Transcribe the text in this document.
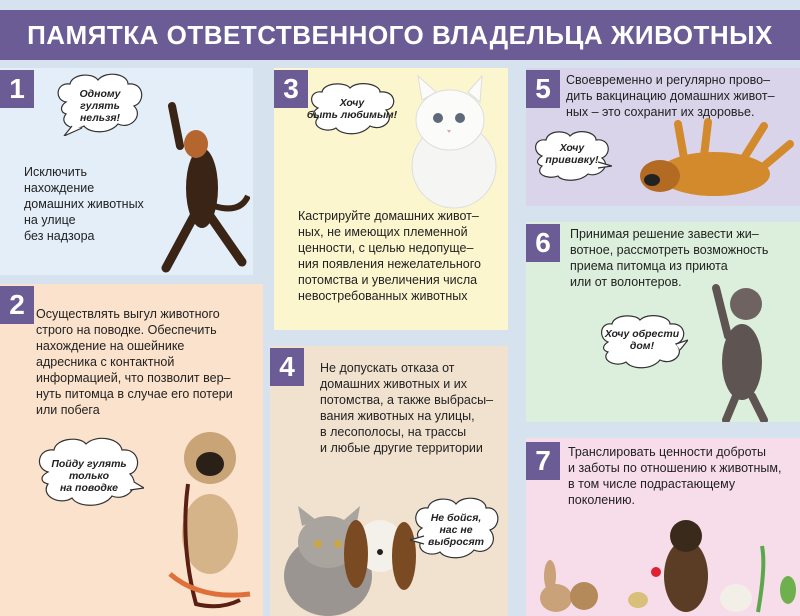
ПАМЯТКА ОТВЕТСТВЕННОГО ВЛАДЕЛЬЦА ЖИВОТНЫХ
1	Одному
гулять
нельзя!
Исключить
нахождение
домашних животных
на улице
без надзора
2 Осуществлять выгул животного
строго на поводке. Обеспечить
нахождение на ошейнике
адресника с контактной
информацией, что позволит вер–
нуть питомца в случае его потери
или побега
Пойду гулять
только
на поводке
3	Хочу
быть любимым!
Кастрируйте домашних живот–
ных, не имеющих племенной
ценности, с целью недопуще–
ния появления нежелательного
потомства и увеличения числа
невостребованных животных
4	Не допускать отказа от
домашних животных и их
потомства, а также выбрасы–
вания животных на улицы,
в лесополосы, на трассы
и любые другие территории
Не бойся,
нас не
выбросят
5	Своевременно и регулярно прово–
дить вакцинацию домашних живот–
ных – это сохранит их здоровье.
Хочу
прививку!
6	Принимая решение завести жи–
вотное, рассмотреть возможность
приема питомца из приюта
или от волонтеров.
Хочу обрести
дом!
7	Транслировать ценности доброты
и заботы по отношению к животным,
в том числе подрастающему
поколению.
